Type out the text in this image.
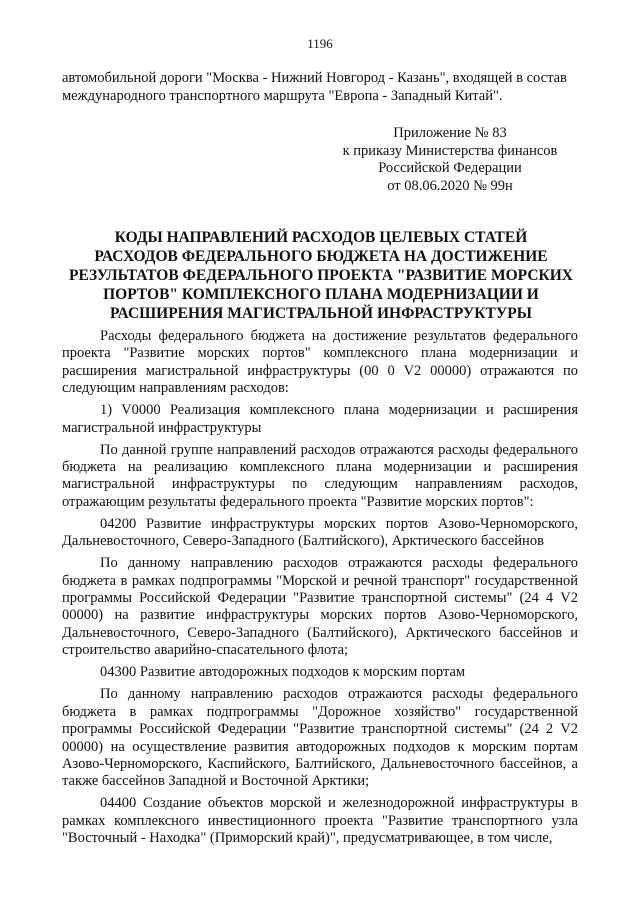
1196
автомобильной дороги "Москва - Нижний Новгород - Казань", входящей в состав международного транспортного маршрута "Европа - Западный Китай".
Приложение № 83
к приказу Министерства финансов
Российской Федерации
от 08.06.2020 № 99н
КОДЫ НАПРАВЛЕНИЙ РАСХОДОВ ЦЕЛЕВЫХ СТАТЕЙ
РАСХОДОВ ФЕДЕРАЛЬНОГО БЮДЖЕТА НА ДОСТИЖЕНИЕ
РЕЗУЛЬТАТОВ ФЕДЕРАЛЬНОГО ПРОЕКТА "РАЗВИТИЕ МОРСКИХ
ПОРТОВ" КОМПЛЕКСНОГО ПЛАНА МОДЕРНИЗАЦИИ И
РАСШИРЕНИЯ МАГИСТРАЛЬНОЙ ИНФРАСТРУКТУРЫ

Расходы федерального бюджета на достижение результатов федерального проекта "Развитие морских портов" комплексного плана модернизации и расширения магистральной инфраструктуры (00 0 V2 00000) отражаются по следующим направлениям расходов:

1) V0000 Реализация комплексного плана модернизации и расширения магистральной инфраструктуры

По данной группе направлений расходов отражаются расходы федерального бюджета на реализацию комплексного плана модернизации и расширения магистральной инфраструктуры по следующим направлениям расходов, отражающим результаты федерального проекта "Развитие морских портов":

04200 Развитие инфраструктуры морских портов Азово-Черноморского, Дальневосточного, Северо-Западного (Балтийского), Арктического бассейнов

По данному направлению расходов отражаются расходы федерального бюджета в рамках подпрограммы "Морской и речной транспорт" государственной программы Российской Федерации "Развитие транспортной системы" (24 4 V2 00000) на развитие инфраструктуры морских портов Азово-Черноморского, Дальневосточного, Северо-Западного (Балтийского), Арктического бассейнов и строительство аварийно-спасательного флота;

04300 Развитие автодорожных подходов к морским портам

По данному направлению расходов отражаются расходы федерального бюджета в рамках подпрограммы "Дорожное хозяйство" государственной программы Российской Федерации "Развитие транспортной системы" (24 2 V2 00000) на осуществление развития автодорожных подходов к морским портам Азово-Черноморского, Каспийского, Балтийского, Дальневосточного бассейнов, а также бассейнов Западной и Восточной Арктики;

04400 Создание объектов морской и железнодорожной инфраструктуры в рамках комплексного инвестиционного проекта "Развитие транспортного узла "Восточный - Находка" (Приморский край)", предусматривающее, в том числе,
